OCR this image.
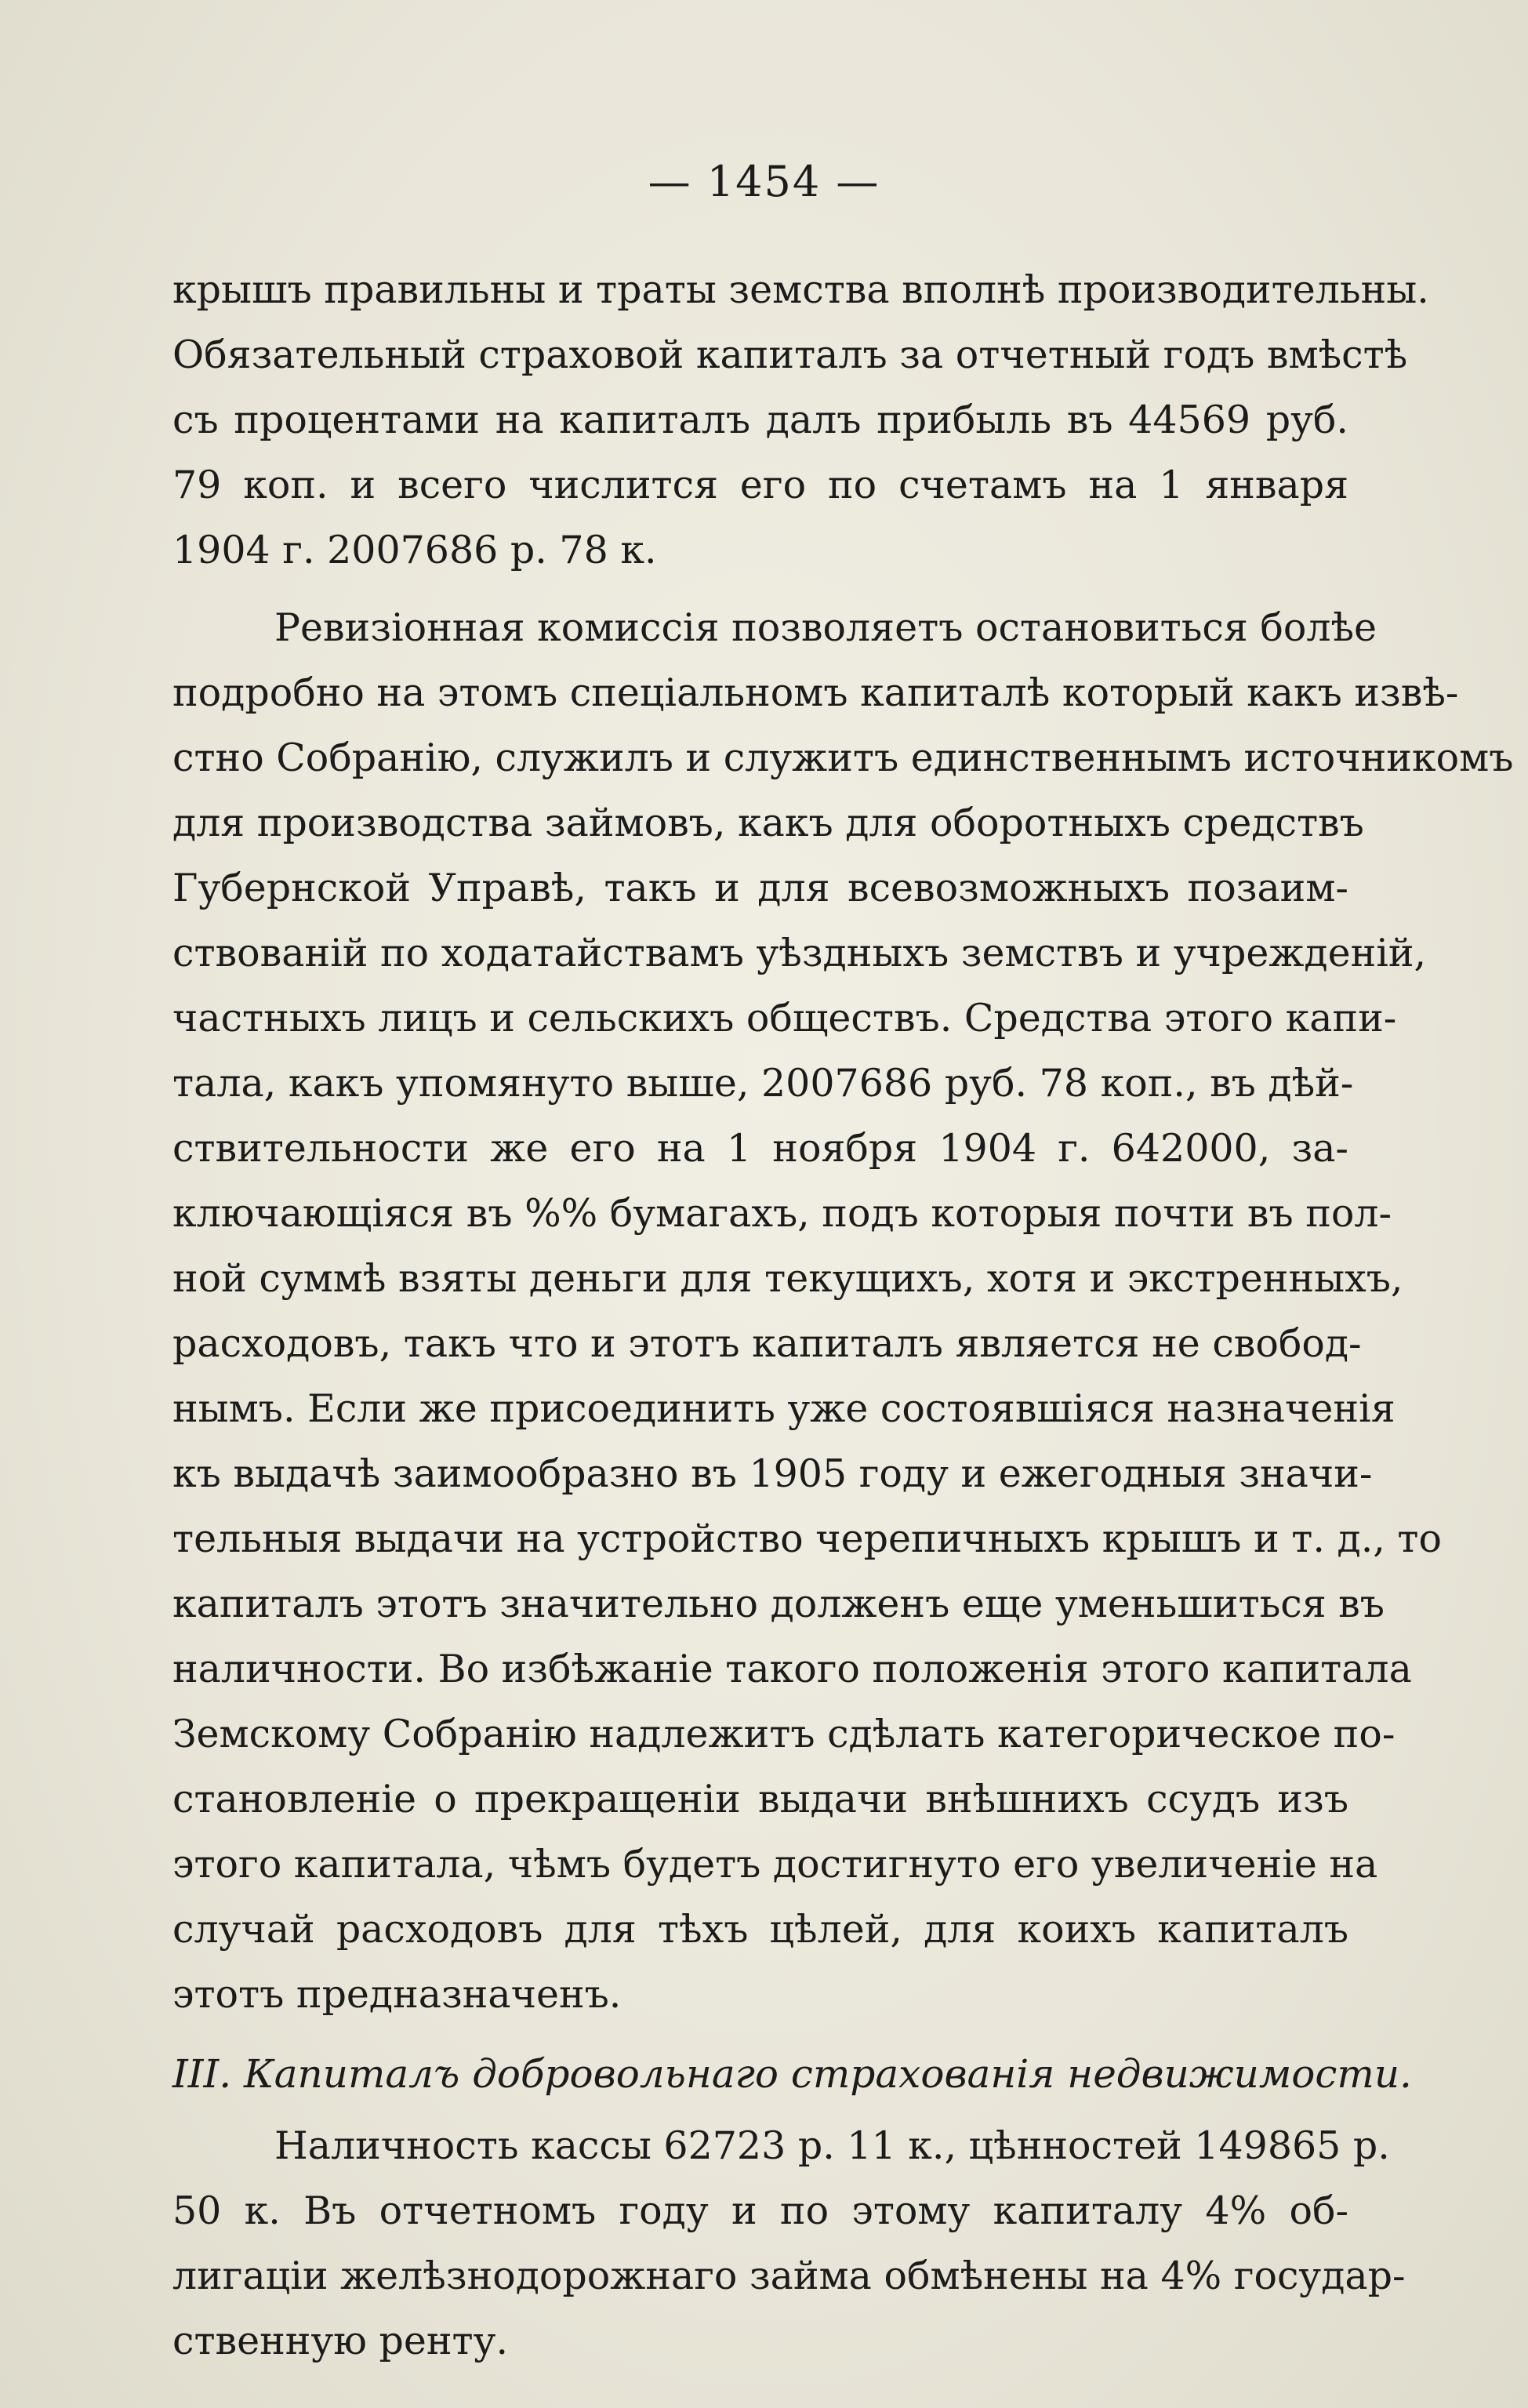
— 1454 —
крышъ правильны и траты земства вполнѣ производительны.
Обязательный страховой капиталъ за отчетный годъ вмѣстѣ
съ процентами на капиталъ далъ прибыль въ 44569 руб.
79 коп. и всего числится его по счетамъ на 1 января
1904 г. 2007686 р. 78 к.
Ревизіонная комиссія позволяетъ остановиться болѣе
подробно на этомъ спеціальномъ капиталѣ который какъ извѣ-
стно Собранію, служилъ и служитъ единственнымъ источникомъ
для производства займовъ, какъ для оборотныхъ средствъ
Губернской Управѣ, такъ и для всевозможныхъ позаим-
ствованій по ходатайствамъ уѣздныхъ земствъ и учрежденій,
частныхъ лицъ и сельскихъ обществъ. Средства этого капи-
тала, какъ упомянуто выше, 2007686 руб. 78 коп., въ дѣй-
ствительности же его на 1 ноября 1904 г. 642000, за-
ключающіяся въ %% бумагахъ, подъ которыя почти въ пол-
ной суммѣ взяты деньги для текущихъ, хотя и экстренныхъ,
расходовъ, такъ что и этотъ капиталъ является не свобод-
нымъ. Если же присоединить уже состоявшіяся назначенія
къ выдачѣ заимообразно въ 1905 году и ежегодныя значи-
тельныя выдачи на устройство черепичныхъ крышъ и т. д., то
капиталъ этотъ значительно долженъ еще уменьшиться въ
наличности. Во избѣжаніе такого положенія этого капитала
Земскому Собранію надлежитъ сдѣлать категорическое по-
становленіе о прекращеніи выдачи внѣшнихъ ссудъ изъ
этого капитала, чѣмъ будетъ достигнуто его увеличеніе на
случай расходовъ для тѣхъ цѣлей, для коихъ капиталъ
этотъ предназначенъ.
III. Капиталъ добровольнаго страхованія недвижимости.
Наличность кассы 62723 р. 11 к., цѣнностей 149865 р.
50 к. Въ отчетномъ году и по этому капиталу 4% об-
лигаціи желѣзнодорожнаго займа обмѣнены на 4% государ-
ственную ренту.
